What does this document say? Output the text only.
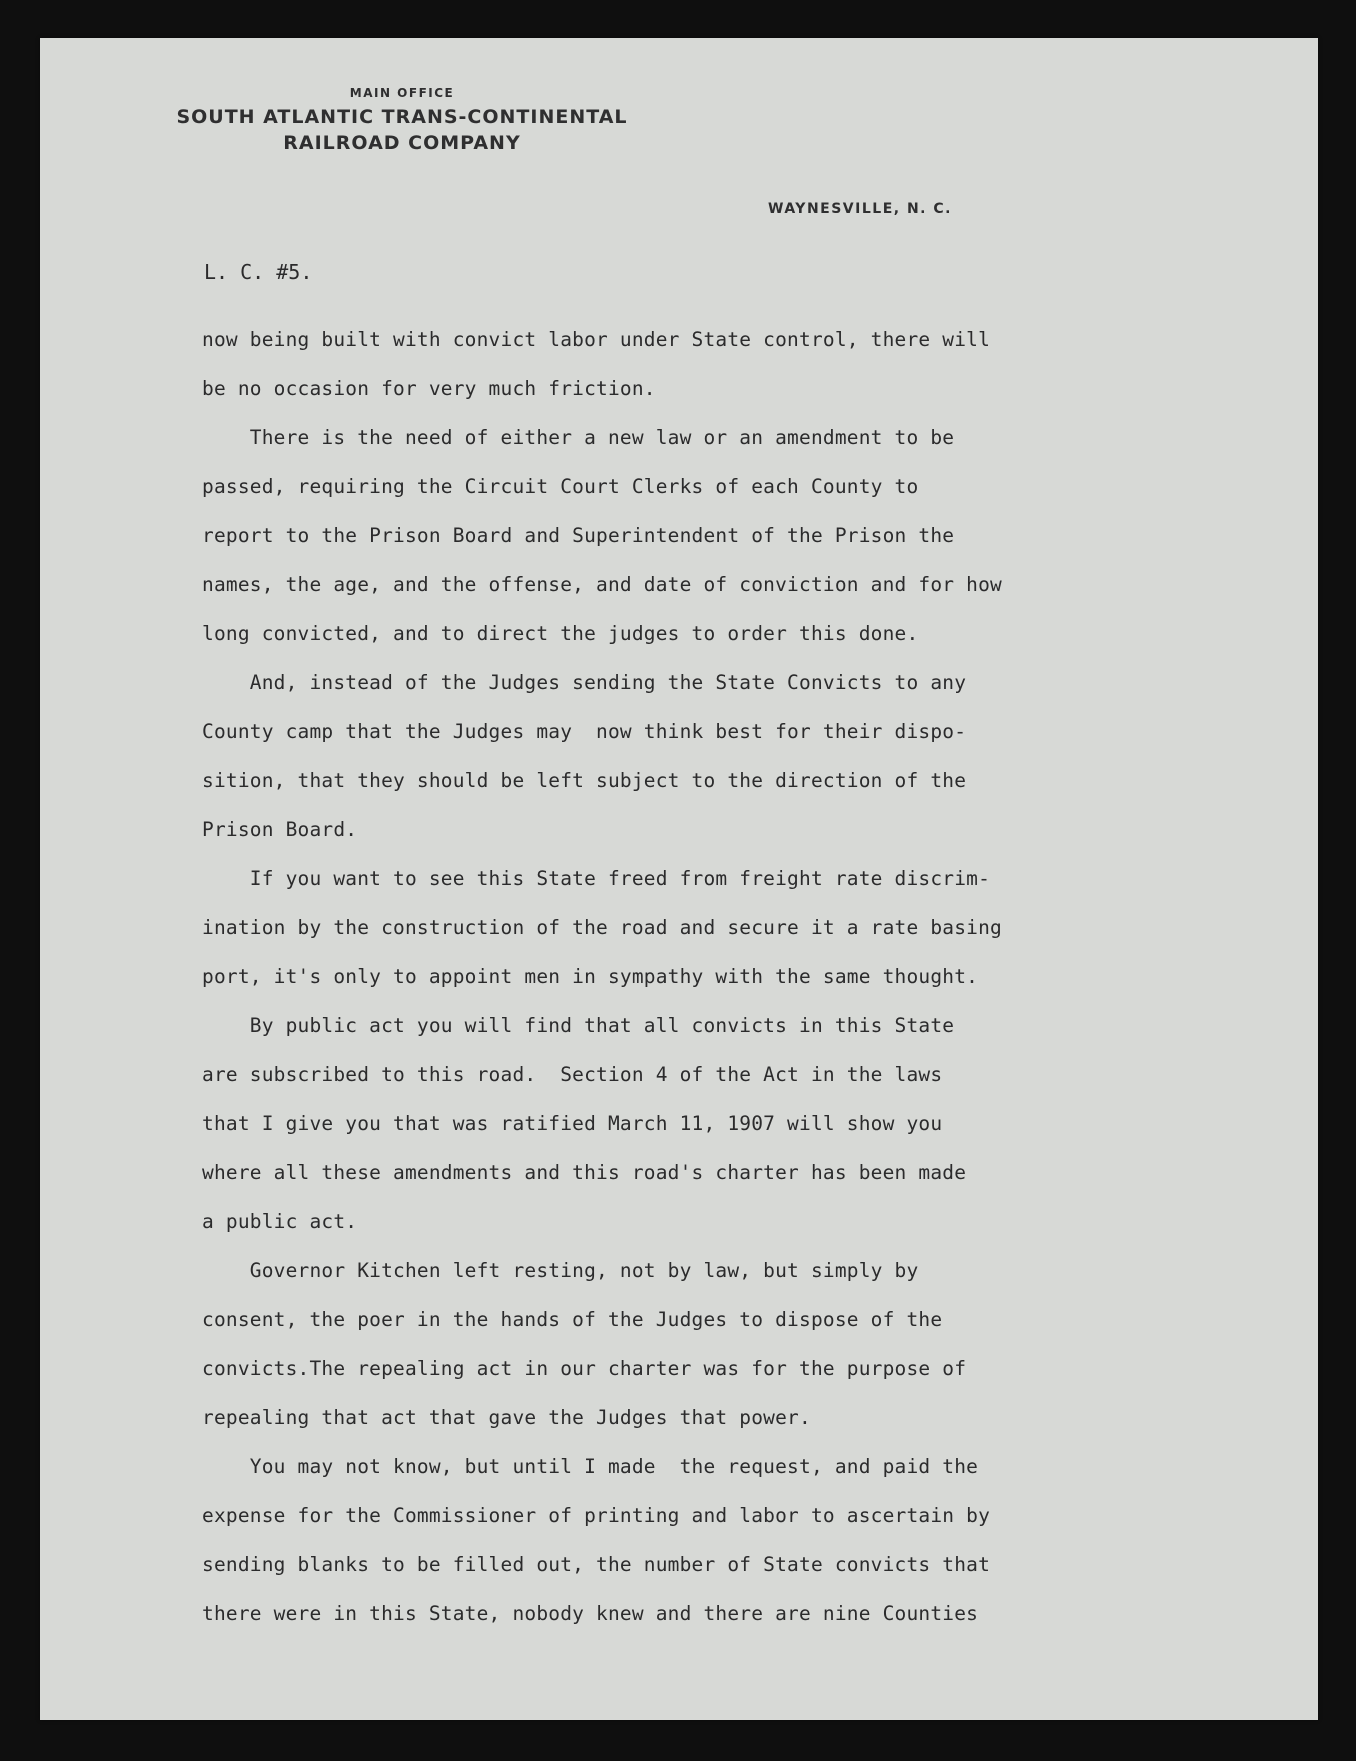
MAIN OFFICE
SOUTH ATLANTIC TRANS-CONTINENTAL
RAILROAD COMPANY
WAYNESVILLE, N. C.
L. C. #5.
now being built with convict labor under State control, there will
be no occasion for very much friction.
There is the need of either a new law or an amendment to be
passed, requiring the Circuit Court Clerks of each County to
report to the Prison Board and Superintendent of the Prison the
names, the age, and the offense, and date of conviction and for how
long convicted, and to direct the judges to order this done.
And, instead of the Judges sending the State Convicts to any
County camp that the Judges may  now think best for their dispo-
sition, that they should be left subject to the direction of the
Prison Board.
If you want to see this State freed from freight rate discrim-
ination by the construction of the road and secure it a rate basing
port, it's only to appoint men in sympathy with the same thought.
By public act you will find that all convicts in this State
are subscribed to this road.  Section 4 of the Act in the laws
that I give you that was ratified March 11, 1907 will show you
where all these amendments and this road's charter has been made
a public act.
Governor Kitchen left resting, not by law, but simply by
consent, the poer in the hands of the Judges to dispose of the
convicts.The repealing act in our charter was for the purpose of
repealing that act that gave the Judges that power.
You may not know, but until I made  the request, and paid the
expense for the Commissioner of printing and labor to ascertain by
sending blanks to be filled out, the number of State convicts that
there were in this State, nobody knew and there are nine Counties
